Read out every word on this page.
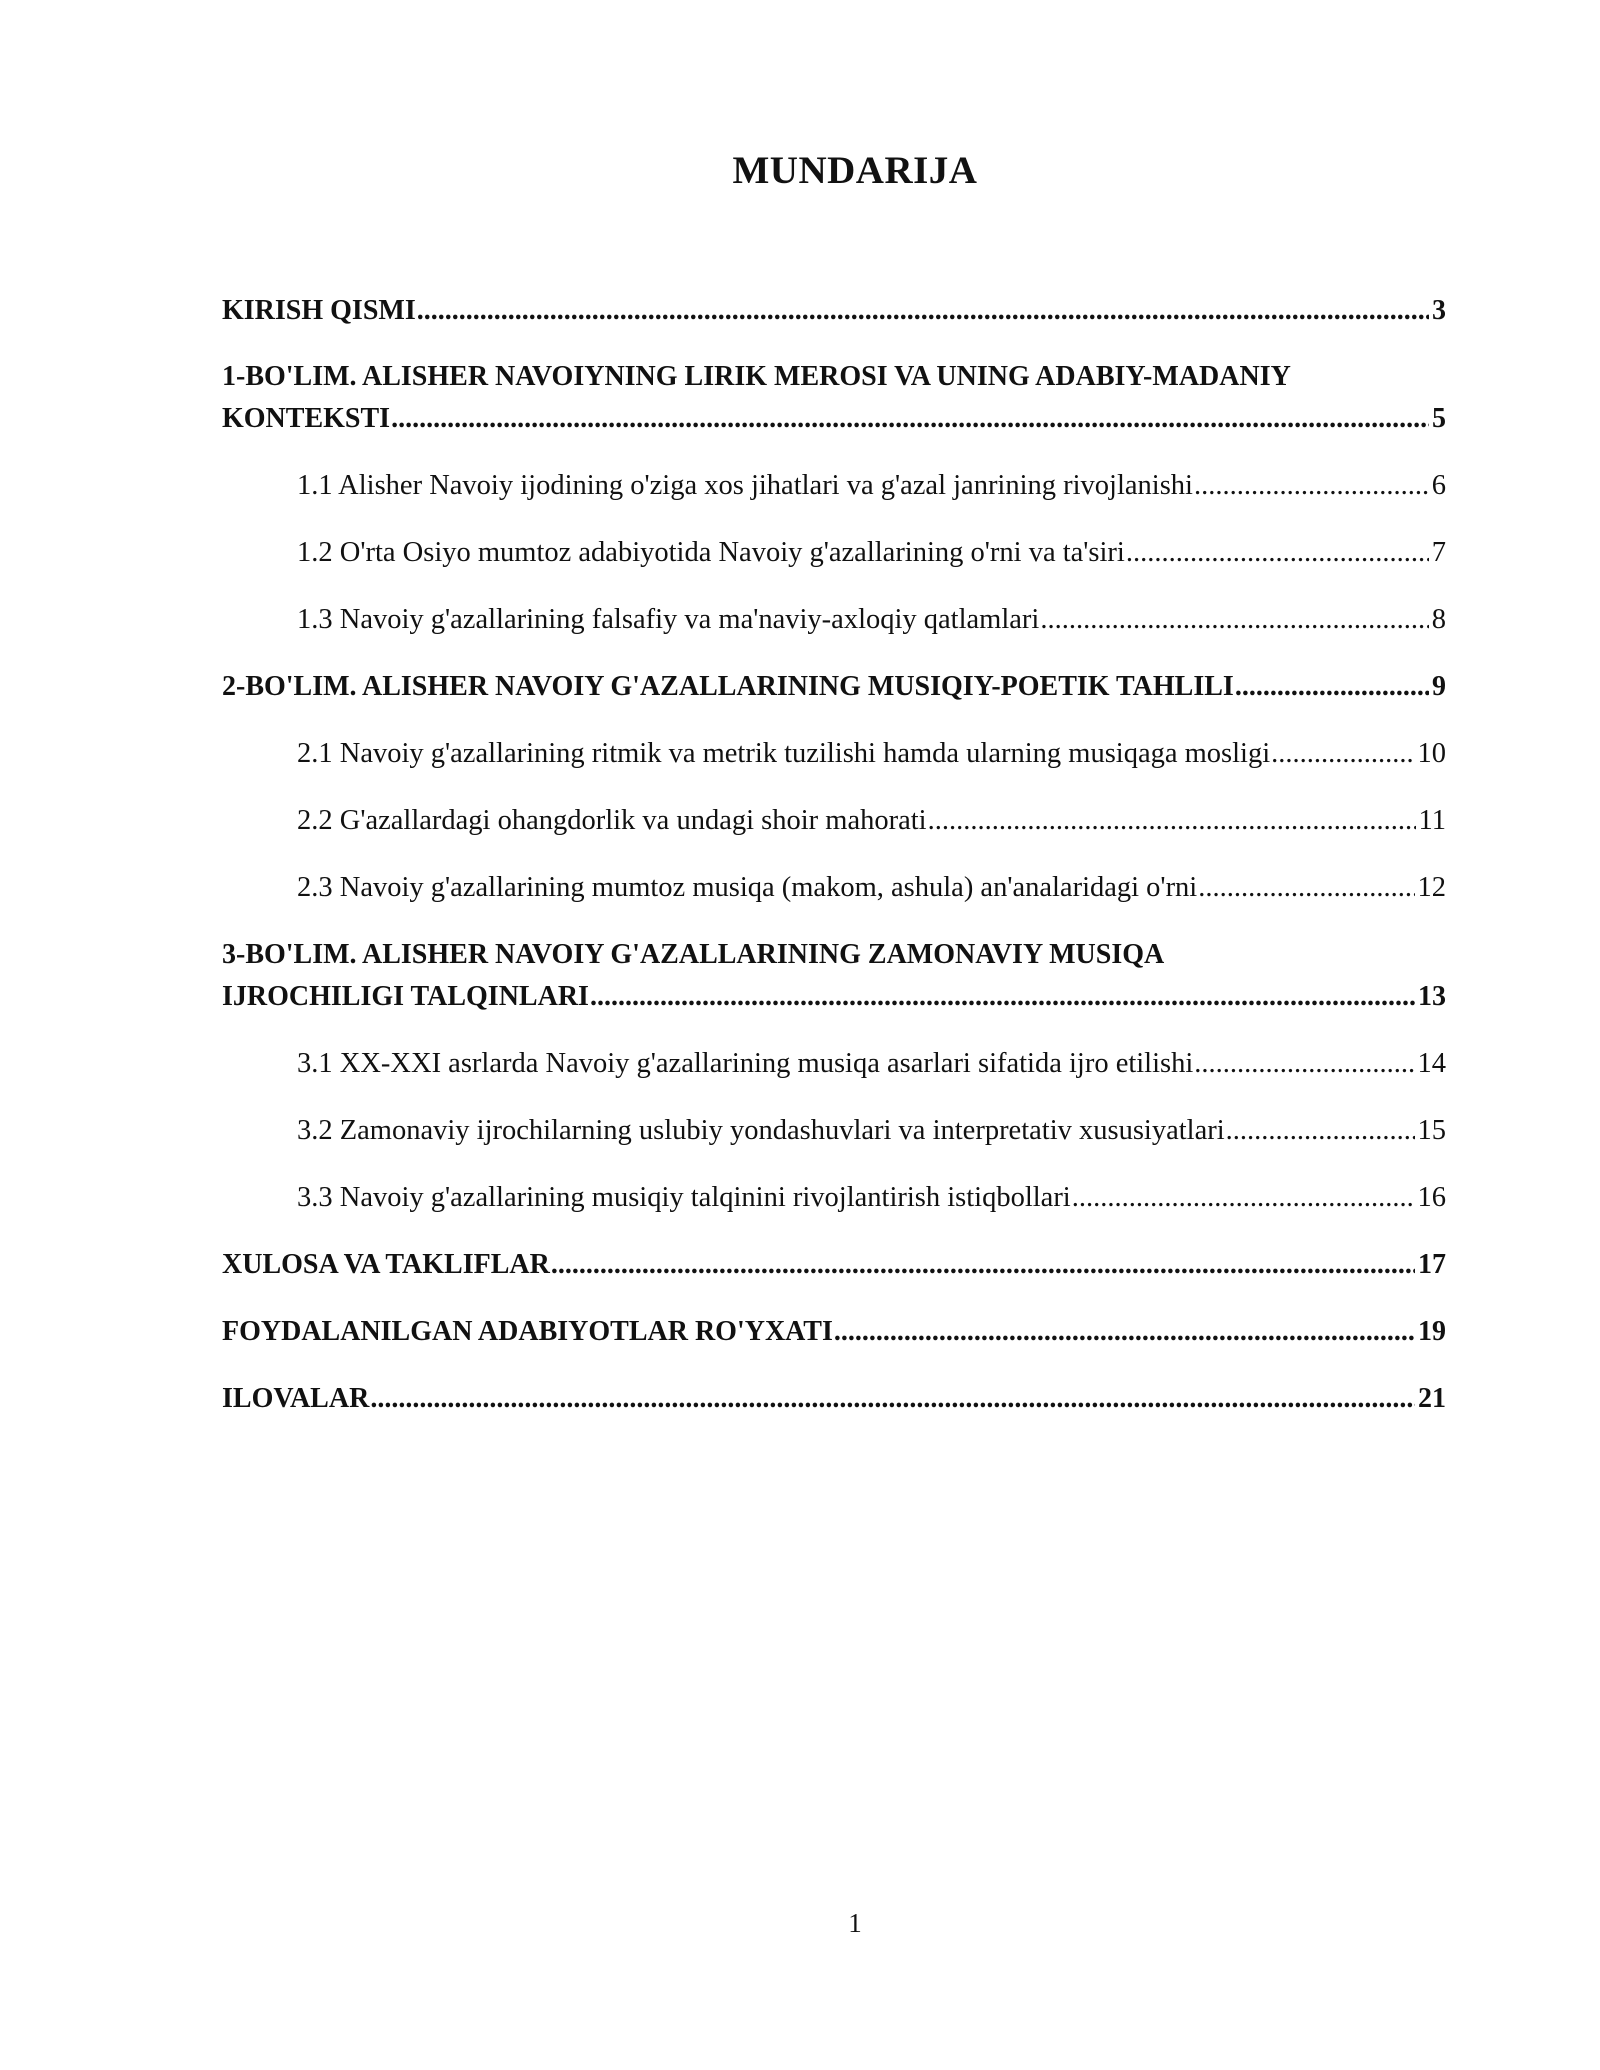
MUNDARIJA
KIRISH QISMI .....	3
1-BO'LIM. ALISHER NAVOIYNING LIRIK MEROSI VA UNING ADABIY-MADANIY
KONTEKSTI .....	5
1.1 Alisher Navoiy ijodining o'ziga xos jihatlari va g'azal janrining rivojlanishi .....	6
1.2 O'rta Osiyo mumtoz adabiyotida Navoiy g'azallarining o'rni va ta'siri .....	7
1.3 Navoiy g'azallarining falsafiy va ma'naviy-axloqiy qatlamlari .....	8
2-BO'LIM. ALISHER NAVOIY G'AZALLARINING MUSIQIY-POETIK TAHLILI .....	9
2.1 Navoiy g'azallarining ritmik va metrik tuzilishi hamda ularning musiqaga mosligi .....	10
2.2 G'azallardagi ohangdorlik va undagi shoir mahorati .....	11
2.3 Navoiy g'azallarining mumtoz musiqa (makom, ashula) an'analaridagi o'rni .....	12
3-BO'LIM. ALISHER NAVOIY G'AZALLARINING ZAMONAVIY MUSIQA
IJROCHILIGI TALQINLARI .....	13
3.1 XX-XXI asrlarda Navoiy g'azallarining musiqa asarlari sifatida ijro etilishi .....	14
3.2 Zamonaviy ijrochilarning uslubiy yondashuvlari va interpretativ xususiyatlari .....	15
3.3 Navoiy g'azallarining musiqiy talqinini rivojlantirish istiqbollari .....	16
XULOSA VA TAKLIFLAR .....	17
FOYDALANILGAN ADABIYOTLAR RO'YXATI .....	19
ILOVALAR .....	21
1
